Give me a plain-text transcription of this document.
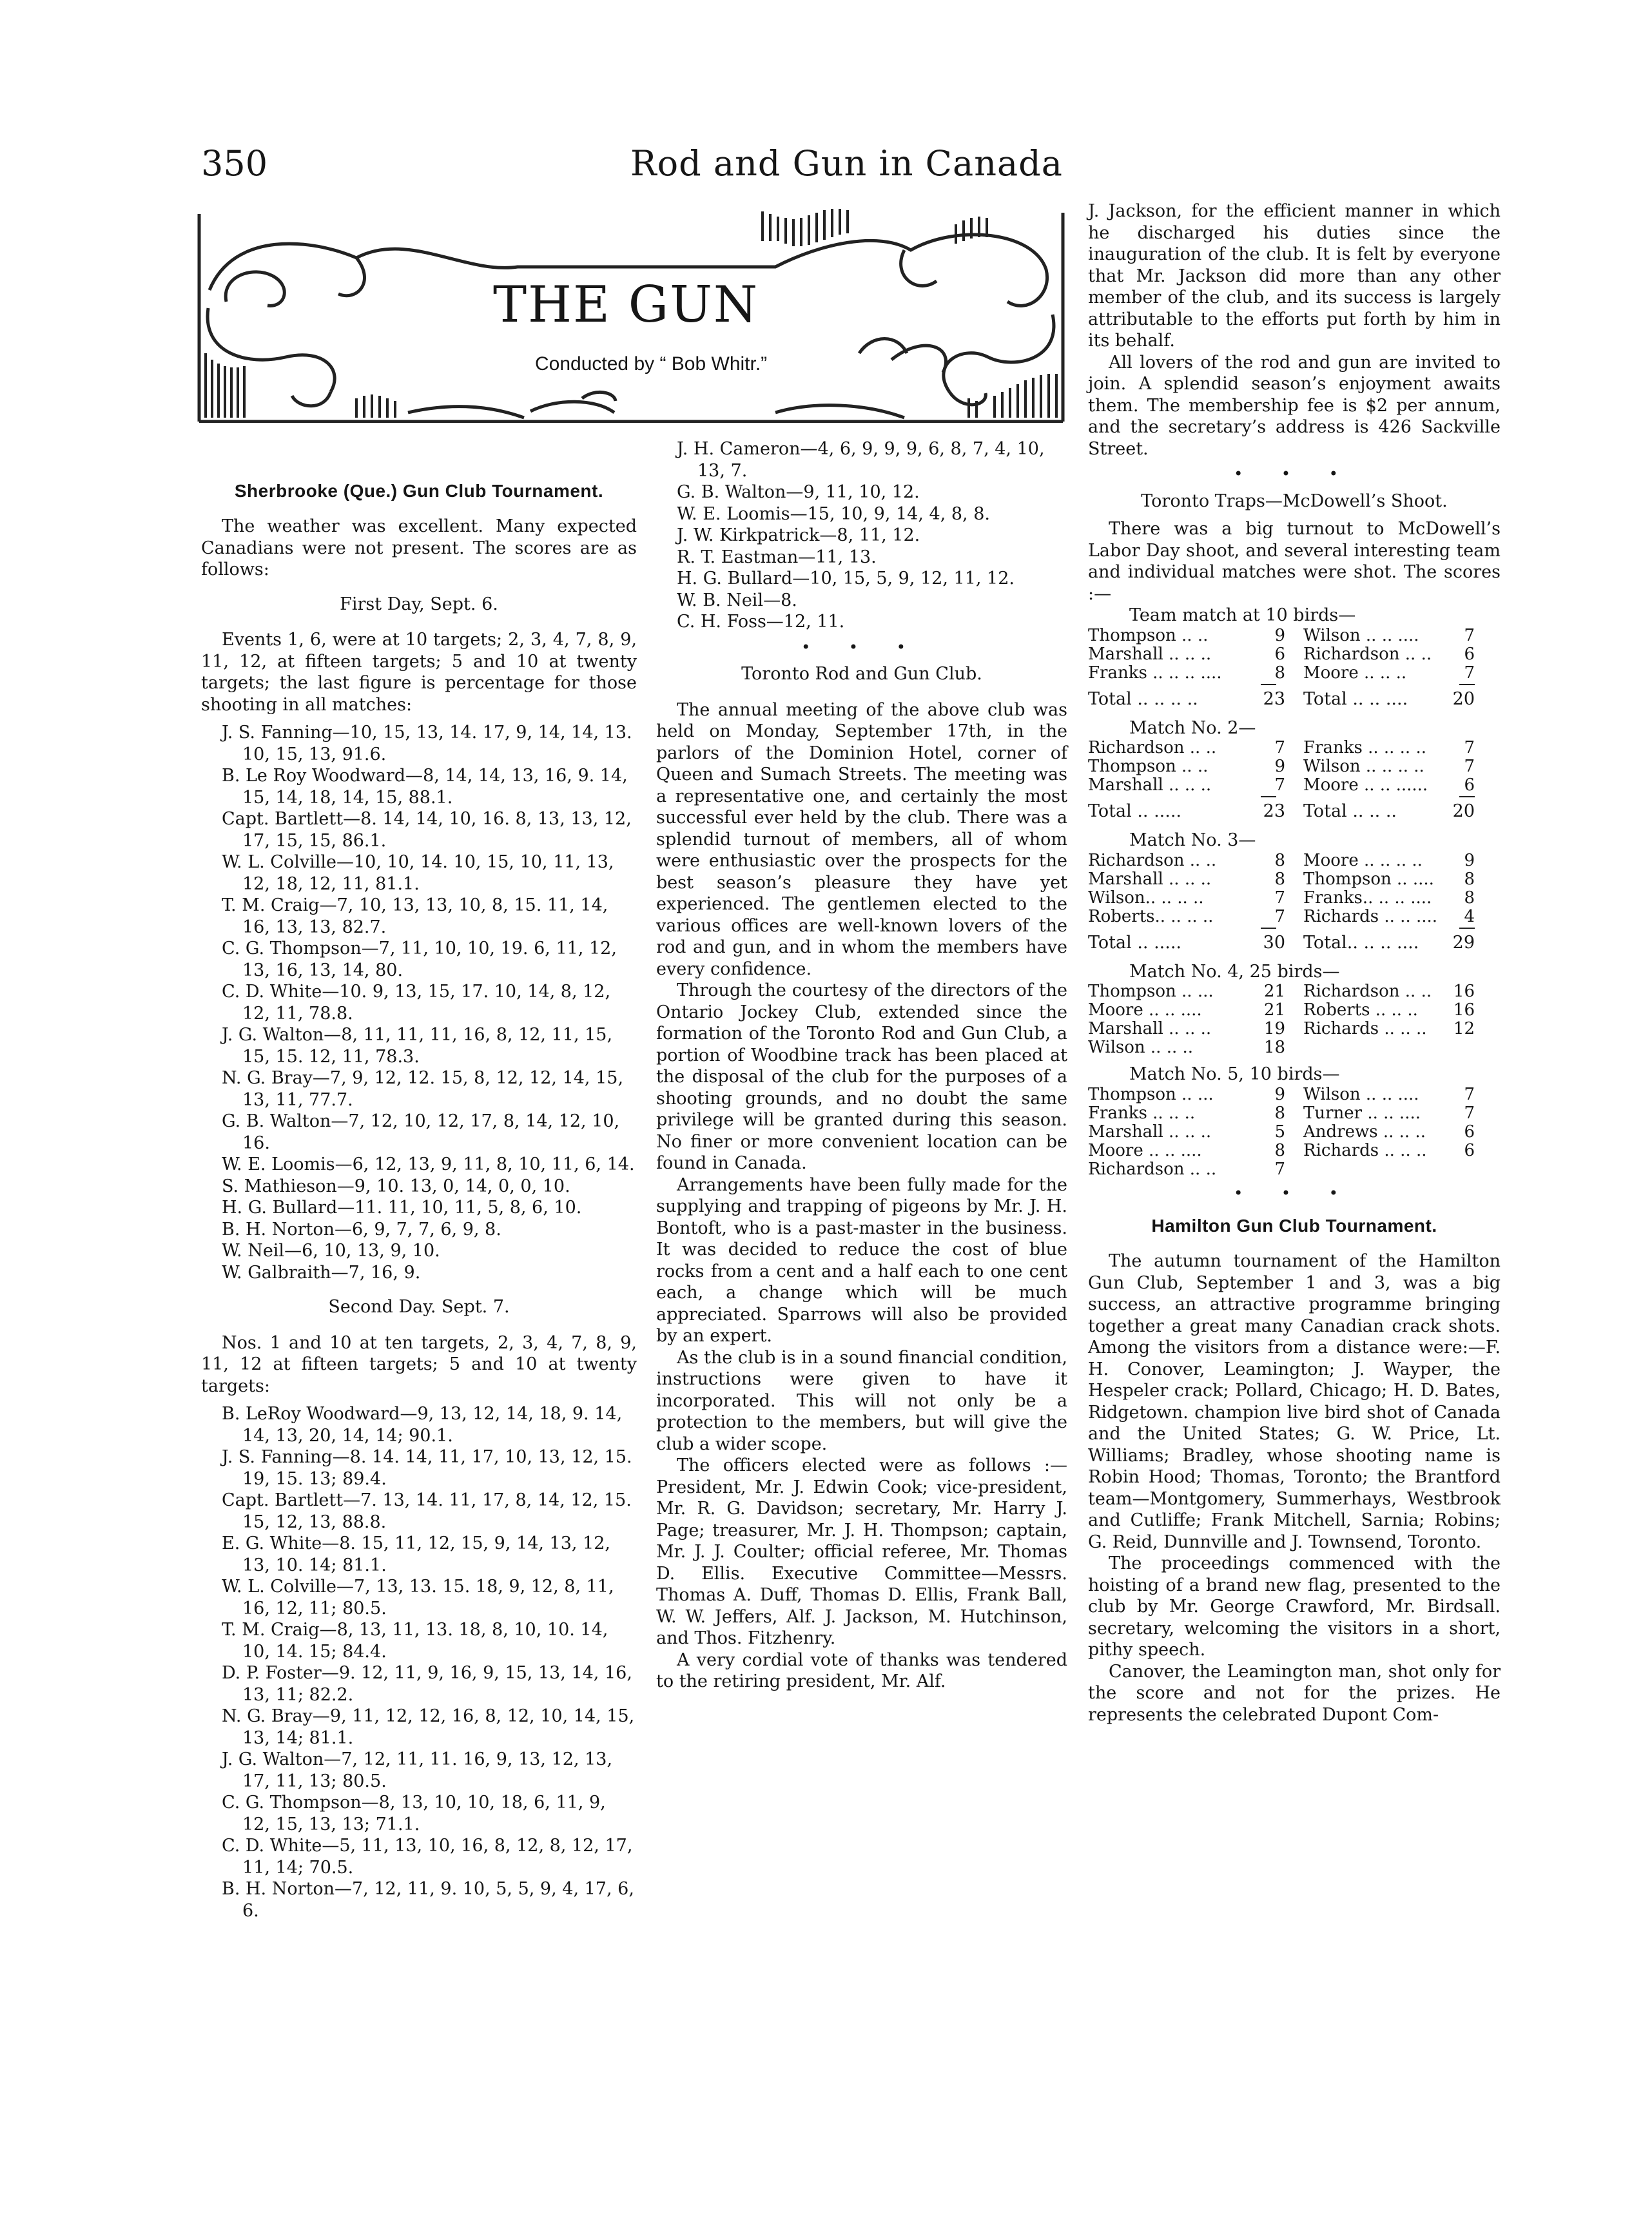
350	Rod and Gun in Canada
THE GUN
Conducted by “ Bob Whitr.”
Sherbrooke (Que.) Gun Club Tournament.

The weather was excellent. Many expected Canadians were not present. The scores are as follows:

First Day, Sept. 6.

Events 1, 6, were at 10 targets; 2, 3, 4, 7, 8, 9, 11, 12, at fifteen targets; 5 and 10 at twenty targets; the last figure is percentage for those shooting in all matches:

J. S. Fanning—10, 15, 13, 14. 17, 9, 14, 14, 13. 10, 15, 13, 91.6.

B. Le Roy Woodward—8, 14, 14, 13, 16, 9. 14, 15, 14, 18, 14, 15, 88.1.

Capt. Bartlett—8. 14, 14, 10, 16. 8, 13, 13, 12, 17, 15, 15, 86.1.

W. L. Colville—10, 10, 14. 10, 15, 10, 11, 13, 12, 18, 12, 11, 81.1.

T. M. Craig—7, 10, 13, 13, 10, 8, 15. 11, 14, 16, 13, 13, 82.7.

C. G. Thompson—7, 11, 10, 10, 19. 6, 11, 12, 13, 16, 13, 14, 80.

C. D. White—10. 9, 13, 15, 17. 10, 14, 8, 12, 12, 11, 78.8.

J. G. Walton—8, 11, 11, 11, 16, 8, 12, 11, 15, 15, 15. 12, 11, 78.3.

N. G. Bray—7, 9, 12, 12. 15, 8, 12, 12, 14, 15, 13, 11, 77.7.

G. B. Walton—7, 12, 10, 12, 17, 8, 14, 12, 10, 16.

W. E. Loomis—6, 12, 13, 9, 11, 8, 10, 11, 6, 14.

S. Mathieson—9, 10. 13, 0, 14, 0, 0, 10.

H. G. Bullard—11. 11, 10, 11, 5, 8, 6, 10.

B. H. Norton—6, 9, 7, 7, 6, 9, 8.

W. Neil—6, 10, 13, 9, 10.

W. Galbraith—7, 16, 9.

Second Day. Sept. 7.

Nos. 1 and 10 at ten targets, 2, 3, 4, 7, 8, 9, 11, 12 at fifteen targets; 5 and 10 at twenty targets:

B. LeRoy Woodward—9, 13, 12, 14, 18, 9. 14, 14, 13, 20, 14, 14; 90.1.

J. S. Fanning—8. 14. 14, 11, 17, 10, 13, 12, 15. 19, 15. 13; 89.4.

Capt. Bartlett—7. 13, 14. 11, 17, 8, 14, 12, 15. 15, 12, 13, 88.8.

E. G. White—8. 15, 11, 12, 15, 9, 14, 13, 12, 13, 10. 14; 81.1.

W. L. Colville—7, 13, 13. 15. 18, 9, 12, 8, 11, 16, 12, 11; 80.5.

T. M. Craig—8, 13, 11, 13. 18, 8, 10, 10. 14, 10, 14. 15; 84.4.

D. P. Foster—9. 12, 11, 9, 16, 9, 15, 13, 14, 16, 13, 11; 82.2.

N. G. Bray—9, 11, 12, 12, 16, 8, 12, 10, 14, 15, 13, 14; 81.1.

J. G. Walton—7, 12, 11, 11. 16, 9, 13, 12, 13, 17, 11, 13; 80.5.

C. G. Thompson—8, 13, 10, 10, 18, 6, 11, 9, 12, 15, 13, 13; 71.1.

C. D. White—5, 11, 13, 10, 16, 8, 12, 8, 12, 17, 11, 14; 70.5.

B. H. Norton—7, 12, 11, 9. 10, 5, 5, 9, 4, 17, 6, 6.

J. H. Cameron—4, 6, 9, 9, 9, 6, 8, 7, 4, 10, 13, 7.

G. B. Walton—9, 11, 10, 12.

W. E. Loomis—15, 10, 9, 14, 4, 8, 8.

J. W. Kirkpatrick—8, 11, 12.

R. T. Eastman—11, 13.

H. G. Bullard—10, 15, 5, 9, 12, 11, 12.

W. B. Neil—8.

C. H. Foss—12, 11.

• • •
Toronto Rod and Gun Club.

The annual meeting of the above club was held on Monday, September 17th, in the parlors of the Dominion Hotel, corner of Queen and Sumach Streets. The meeting was a representative one, and certainly the most successful ever held by the club. There was a splendid turnout of members, all of whom were enthusiastic over the prospects for the best season’s pleasure they have yet experienced. The gentlemen elected to the various offices are well-known lovers of the rod and gun, and in whom the members have every confidence.

Through the courtesy of the directors of the Ontario Jockey Club, extended since the formation of the Toronto Rod and Gun Club, a portion of Woodbine track has been placed at the disposal of the club for the purposes of a shooting grounds, and no doubt the same privilege will be granted during this season. No finer or more convenient location can be found in Canada.

Arrangements have been fully made for the supplying and trapping of pigeons by Mr. J. H. Bontoft, who is a past-master in the business. It was decided to reduce the cost of blue rocks from a cent and a half each to one cent each, a change which will be much appreciated. Sparrows will also be provided by an expert.

As the club is in a sound financial condition, instructions were given to have it incorporated. This will not only be a protection to the members, but will give the club a wider scope.

The officers elected were as follows :—President, Mr. J. Edwin Cook; vice-president, Mr. R. G. Davidson; secretary, Mr. Harry J. Page; treasurer, Mr. J. H. Thompson; captain, Mr. J. J. Coulter; official referee, Mr. Thomas D. Ellis. Executive Committee—Messrs. Thomas A. Duff, Thomas D. Ellis, Frank Ball, W. W. Jeffers, Alf. J. Jackson, M. Hutchinson, and Thos. Fitzhenry.

A very cordial vote of thanks was tendered to the retiring president, Mr. Alf.

J. Jackson, for the efficient manner in which he discharged his duties since the inauguration of the club. It is felt by everyone that Mr. Jackson did more than any other member of the club, and its success is largely attributable to the efforts put forth by him in its behalf.

All lovers of the rod and gun are invited to join. A splendid season’s enjoyment awaits them. The membership fee is $2 per annum, and the secretary’s address is 426 Sackville Street.

• • •
Toronto Traps—McDowell’s Shoot.

There was a big turnout to McDowell’s Labor Day shoot, and several interesting team and individual matches were shot. The scores :—

Team match at 10 birds—

Thompson .. ..	9 Wilson .. .. ....	7
Marshall .. .. ..	6 Richardson .. ..	6
Franks .. .. .. ....	8 Moore .. .. ..	7
Total .. .. .. ..	23 Total .. .. ....	20

Match No. 2—

Richardson .. ..	7 Franks .. .. .. ..	7
Thompson .. ..	9 Wilson .. .. .. ..	7
Marshall .. .. ..	7 Moore .. .. ......	6
Total .. .....	23 Total .. .. ..	20

Match No. 3—

Richardson .. ..	8 Moore .. .. .. ..	9
Marshall .. .. ..	8 Thompson .. ....	8
Wilson.. .. .. ..	7 Franks.. .. .. ....	8
Roberts.. .. .. ..	7 Richards .. .. ....	4
Total .. .....	30 Total.. .. .. .... 29

Match No. 4, 25 birds—

Thompson .. ...	21 Richardson .. ..	16
Moore .. .. ....	21 Roberts .. .. ..	16
Marshall .. .. ..	19 Richards .. .. ..	12
Wilson .. .. ..	18

Match No. 5, 10 birds—

Thompson .. ...	9 Wilson .. .. ....	7
Franks .. .. ..	8 Turner .. .. ....	7
Marshall .. .. ..	5 Andrews .. .. ..	6
Moore .. .. ....	8 Richards .. .. ..	6
Richardson .. ..	7
• • •
Hamilton Gun Club Tournament.

The autumn tournament of the Hamilton Gun Club, September 1 and 3, was a big success, an attractive programme bringing together a great many Canadian crack shots. Among the visitors from a distance were:—F. H. Conover, Leamington; J. Wayper, the Hespeler crack; Pollard, Chicago; H. D. Bates, Ridgetown. champion live bird shot of Canada and the United States; G. W. Price, Lt. Williams; Bradley, whose shooting name is Robin Hood; Thomas, Toronto; the Brantford team—Montgomery, Summerhays, Westbrook and Cutliffe; Frank Mitchell, Sarnia; Robins; G. Reid, Dunnville and J. Townsend, Toronto.

The proceedings commenced with the hoisting of a brand new flag, presented to the club by Mr. George Crawford, Mr. Birdsall. secretary, welcoming the visitors in a short, pithy speech.

Canover, the Leamington man, shot only for the score and not for the prizes. He represents the celebrated Dupont Com-
